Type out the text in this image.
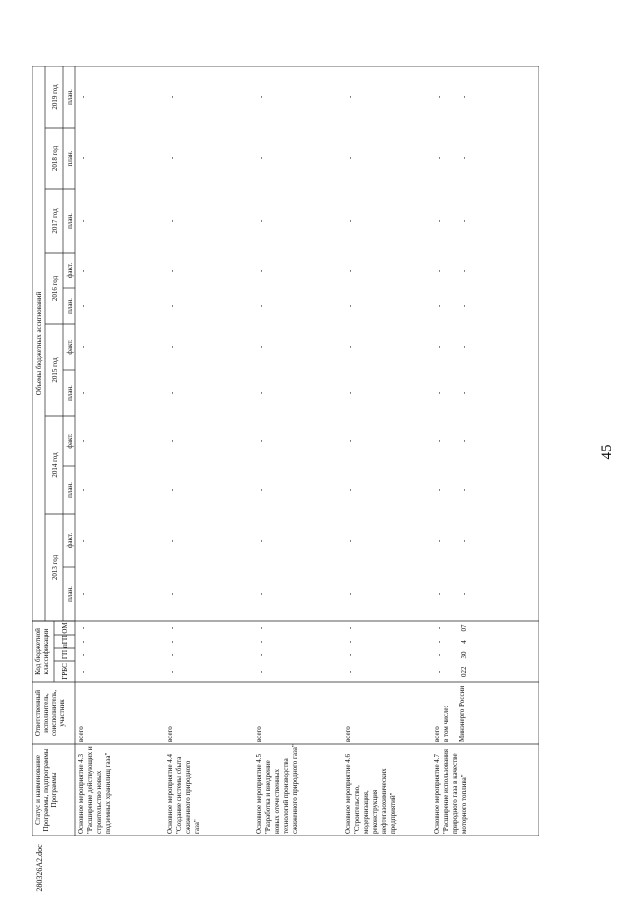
45
280326A2.doc
Статус и наименование Программы, подпрограммы Программы
Ответственный исполнитель, соисполнитель, участник
Код бюджетной классификации	ГРБС
ГП
пГП
ОМ
Объемы бюджетных ассигнований
2013 год
2014 год
2015 год
2016 год
2017 год
2018 год
2019 год
план.
факт.
план.
факт.
план.
факт.
план.
факт.
план.
план.
план.
Основное мероприятие 4.3 "Расширение действующих и строительство новых подземных хранилищ газа"
всего
Основное мероприятие 4.4 "Создание системы сбыта сжиженного природного газа"
всего
Основное мероприятие 4.5 "Разработка и внедрение новых отечественных технологий производства сжиженного природного газа"
всего
Основное мероприятие 4.6 "Строительство, модернизация, реконструкция нефтегазохимических предприятий"
всего
Основное мероприятие 4.7 "Расширение использования природного газа в качестве моторного топлива"
всего
в том числе:	Минэнерго России
-
-
-
-
-
-
-
-
-
-
-
-
-
-
-
-
-
-
-
-
-
-
-
-
-
-
-
-
-
-
-
-
-
-
-
-
-
-
-
-
-
-
-
-
-
-
-
-
-
-
-
-
-
-
-
-
-
-
-
-
-
-
-
-
-
-
-
-
-
-
-
-
-
-
-
022
30
4
07
-
-
-
-
-
-
-
-
-
-
-
